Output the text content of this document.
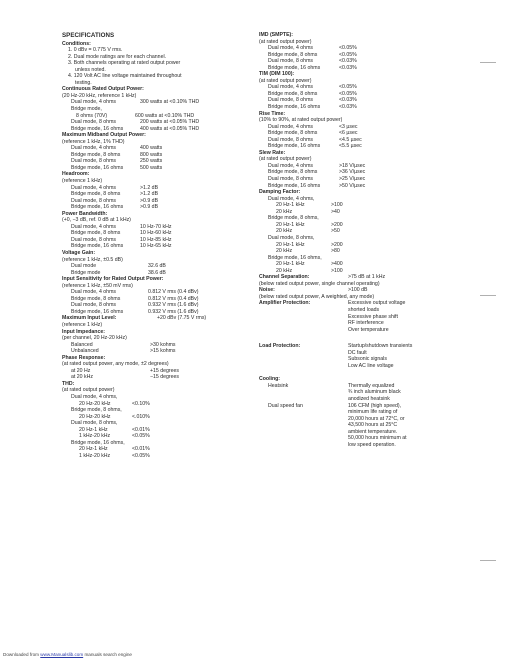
SPECIFICATIONS
Conditions:
1. 0 dBv = 0.775 V rms.
2. Dual mode ratings are for each channel.
3. Both channels operating at rated output power
unless noted.
4. 120 Volt AC line voltage maintained throughout
testing.
Continuous Rated Output Power:
(20 Hz-20 kHz, reference 1 kHz)
Dual mode, 4 ohms	300 watts at <0.10% THD
Bridge mode,
8 ohms (70V)	600 watts at <0.10% THD
Dual mode, 8 ohms	200 watts at <0.05% THD
Bridge mode, 16 ohms	400 watts at <0.05% THD
Maximum Midband Output Power:
(reference 1 kHz, 1% THD)
Dual mode, 4 ohms	400 watts
Bridge mode, 8 ohms	800 watts
Dual mode, 8 ohms	250 watts
Bridge mode, 16 ohms	500 watts
Headroom:
(reference 1 kHz)
Dual mode, 4 ohms	>1.2 dB
Bridge mode, 8 ohms	>1.2 dB
Dual mode, 8 ohms	>0.9 dB
Bridge mode, 16 ohms	>0.9 dB
Power Bandwidth:
(+0, −3 dB, ref. 0 dB at 1 kHz)
Dual mode, 4 ohms	10 Hz-70 kHz
Bridge mode, 8 ohms	10 Hz-60 kHz
Dual mode, 8 ohms	10 Hz-85 kHz
Bridge mode, 16 ohms	10 Hz-65 kHz
Voltage Gain:
(reference 1 kHz, ±0.5 dB)
Dual mode	32.6 dB
Bridge mode	38.6 dB
Input Sensitivity for Rated Output Power:
(reference 1 kHz, ±50 mV rms)
Dual mode, 4 ohms	0.812 V rms (0.4 dBv)
Bridge mode, 8 ohms	0.812 V rms (0.4 dBv)
Dual mode, 8 ohms	0.932 V rms (1.6 dBv)
Bridge mode, 16 ohms	0.932 V rms (1.6 dBv)
Maximum Input Level:	+20 dBv (7.75 V rms)
(reference 1 kHz)
Input Impedance:
(per channel, 20 Hz-20 kHz)
Balanced	>30 kohms
Unbalanced	>15 kohms
Phase Response:
(at rated output power, any mode, ±2 degrees)
at 20 Hz	+15 degrees
at 20 kHz	−15 degrees
THD:
(at rated output power)
Dual mode, 4 ohms,
20 Hz-20 kHz	<0.10%
Bridge mode, 8 ohms,
20 Hz-20 kHz	<.010%
Dual mode, 8 ohms,
20 Hz-1 kHz	<0.01%
1 kHz-20 kHz	<0.05%
Bridge mode, 16 ohms,
20 Hz-1 kHz	<0.01%
1 kHz-20 kHz	<0.05%
IMD (SMPTE):
(at rated output power)
Dual mode, 4 ohms	<0.05%
Bridge mode, 8 ohms	<0.05%
Dual mode, 8 ohms	<0.03%
Bridge mode, 16 ohms	<0.03%
TIM (DIM 100):
(at rated output power)
Dual mode, 4 ohms	<0.05%
Bridge mode, 8 ohms	<0.05%
Dual mode, 8 ohms	<0.03%
Bridge mode, 16 ohms	<0.03%
Rise Time:
(10% to 90%, at rated output power)
Dual mode, 4 ohms	<3 µsec
Bridge mode, 8 ohms	<6 µsec
Dual mode, 8 ohms	<4.5 µsec
Bridge mode, 16 ohms	<5.5 µsec
Slew Rate:
(at rated output power)
Dual mode, 4 ohms	>18 V/µsec
Bridge mode, 8 ohms	>36 V/µsec
Dual mode, 8 ohms	>25 V/µsec
Bridge mode, 16 ohms	>50 V/µsec
Damping Factor:
Dual mode, 4 ohms,
20 Hz-1 kHz	>100
20 kHz	>40
Bridge mode, 8 ohms,
20 Hz-1 kHz	>200
20 kHz	>50
Dual mode, 8 ohms,
20 Hz-1 kHz	>200
20 kHz	>80
Bridge mode, 16 ohms,
20 Hz-1 kHz	>400
20 kHz	>100
Channel Separation:	>75 dB at 1 kHz
(below rated output power, single channel operating)
Noise:	>100 dB
(below rated output power, A weighted, any mode)
Amplifier Protection:	Excessive output voltage
shorted loads
Excessive phase shift
RF interference
Over temperature
Load Protection:	Startup/shutdown transients
DC fault
Subsonic signals
Low AC line voltage
Cooling:
Heatsink	Thermally equalized
¾ inch aluminum black
anodized heatsink
Dual speed fan	106 CFM (high speed),
minimum life rating of
20,000 hours at 72°C, or
43,500 hours at 25°C
ambient temperature.
50,000 hours minimum at
low speed operation.
Downloaded from www.Manualslib.com manuals search engine
